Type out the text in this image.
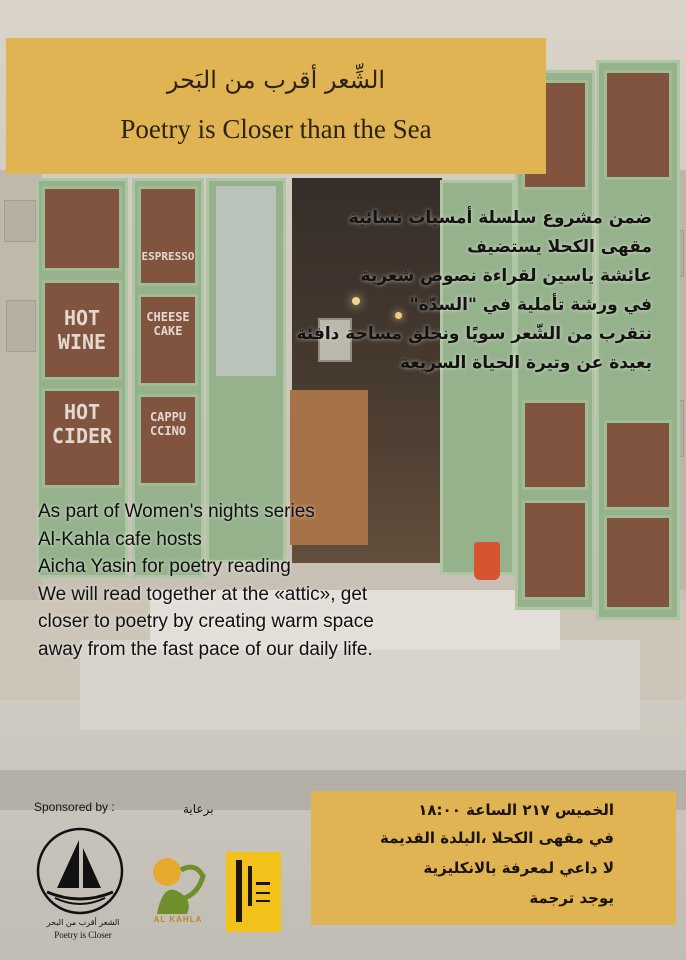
HOT
WINE
HOT
CIDER
ESPRESSO
CHEESE
CAKE
CAPPU
CCINO
الشِّعر أقرب من البَحر
Poetry is Closer than the Sea
ضمن مشروع سلسلة أمسيات نسائية
مقهى الكحلا يستضيف
عائشة ياسين لقراءة نصوص شعرية
في ورشة تأملية في "السدّة"
نتقرب من الشّعر سويًا ونخلق مساحة دافئة
بعيدة عن وتيرة الحياة السريعة
As part of Women's nights series
Al-Kahla cafe hosts
Aicha Yasin for poetry reading
We will read together at the «attic», get
closer to poetry by creating warm space
away from the fast pace of our daily life.
الخميس ٢١٧ الساعة ١٨:٠٠
في مقهى الكحلا ،البلدة القديمة
لا داعي لمعرفة بالانكليزية
يوجد ترجمة
Sponsored by :	برعاية
الشعر أقرب من البحر
Poetry is Closer
AL KAHLA
